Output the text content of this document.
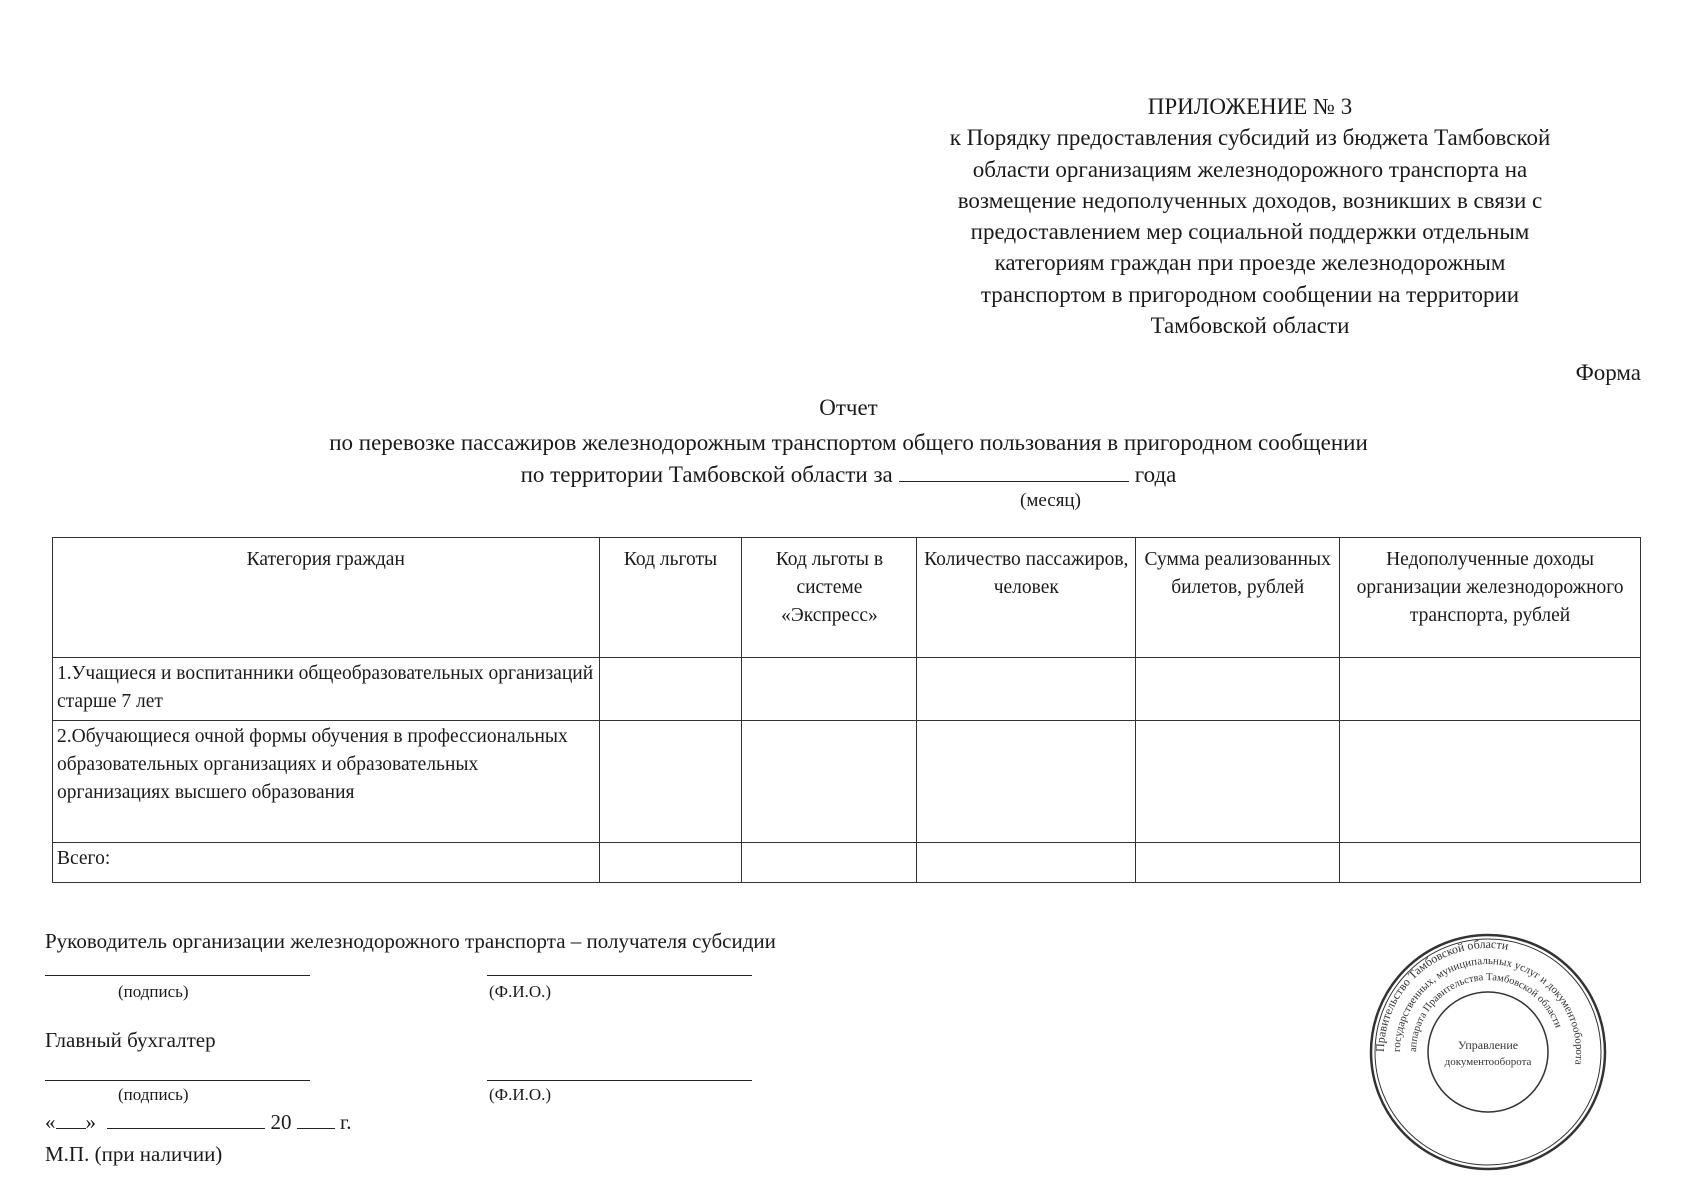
ПРИЛОЖЕНИЕ № 3
к Порядку предоставления субсидий из бюджета Тамбовской
области организациям железнодорожного транспорта на
возмещение недополученных доходов, возникших в связи с
предоставлением мер социальной поддержки отдельным
категориям граждан при проезде железнодорожным
транспортом в пригородном сообщении на территории
Тамбовской области
Форма
Отчет
по перевозке пассажиров железнодорожным транспортом общего пользования в пригородном сообщении
по территории Тамбовской области за	года
(месяц)
Категория граждан	Код льготы	Код льготы в системе «Экспресс»	Количество пассажиров, человек	Сумма реализованных билетов, рублей	Недополученные доходы организации железнодорожного транспорта, рублей
1.Учащиеся и воспитанники общеобразовательных организаций старше 7 лет					
2.Обучающиеся очной формы обучения в профессиональных образовательных организациях и образовательных организациях высшего образования					
Всего:					
Руководитель организации железнодорожного транспорта – получателя субсидии
(подпись)	(Ф.И.О.)
Главный бухгалтер
(подпись)	(Ф.И.О.)
« »	20 г.
М.П. (при наличии)
Правительство Тамбовской области
государственных, муниципальных услуг и документооборота
аппарата Правительства Тамбовской области
Управление
документооборота
